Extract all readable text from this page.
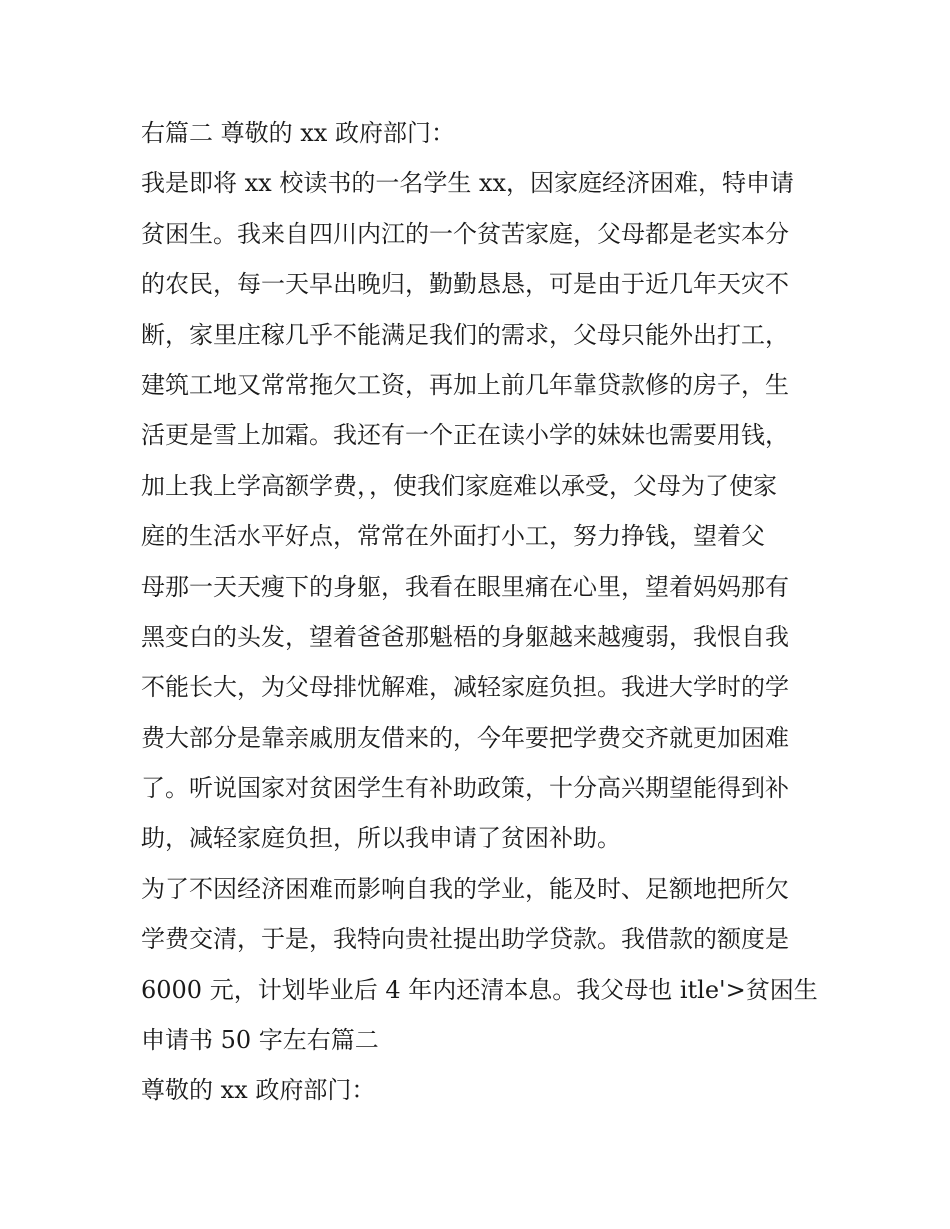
右篇二 尊敬的 xx 政府部门：
我是即将 xx 校读书的一名学生 xx，因家庭经济困难，特申请
贫困生。我来自四川内江的一个贫苦家庭，父母都是老实本分
的农民，每一天早出晚归，勤勤恳恳，可是由于近几年天灾不
断，家里庄稼几乎不能满足我们的需求，父母只能外出打工，
建筑工地又常常拖欠工资，再加上前几年靠贷款修的房子，生
活更是雪上加霜。我还有一个正在读小学的妹妹也需要用钱，
加上我上学高额学费，，使我们家庭难以承受，父母为了使家
庭的生活水平好点，常常在外面打小工，努力挣钱，望着父
母那一天天瘦下的身躯，我看在眼里痛在心里，望着妈妈那有
黑变白的头发，望着爸爸那魁梧的身躯越来越瘦弱，我恨自我
不能长大，为父母排忧解难，减轻家庭负担。我进大学时的学
费大部分是靠亲戚朋友借来的，今年要把学费交齐就更加困难
了。听说国家对贫困学生有补助政策，十分高兴期望能得到补
助，减轻家庭负担，所以我申请了贫困补助。
为了不因经济困难而影响自我的学业，能及时、足额地把所欠
学费交清，于是，我特向贵社提出助学贷款。我借款的额度是
6000 元，计划毕业后 4 年内还清本息。我父母也 itle'>贫困生
申请书 50 字左右篇二
尊敬的 xx 政府部门：
